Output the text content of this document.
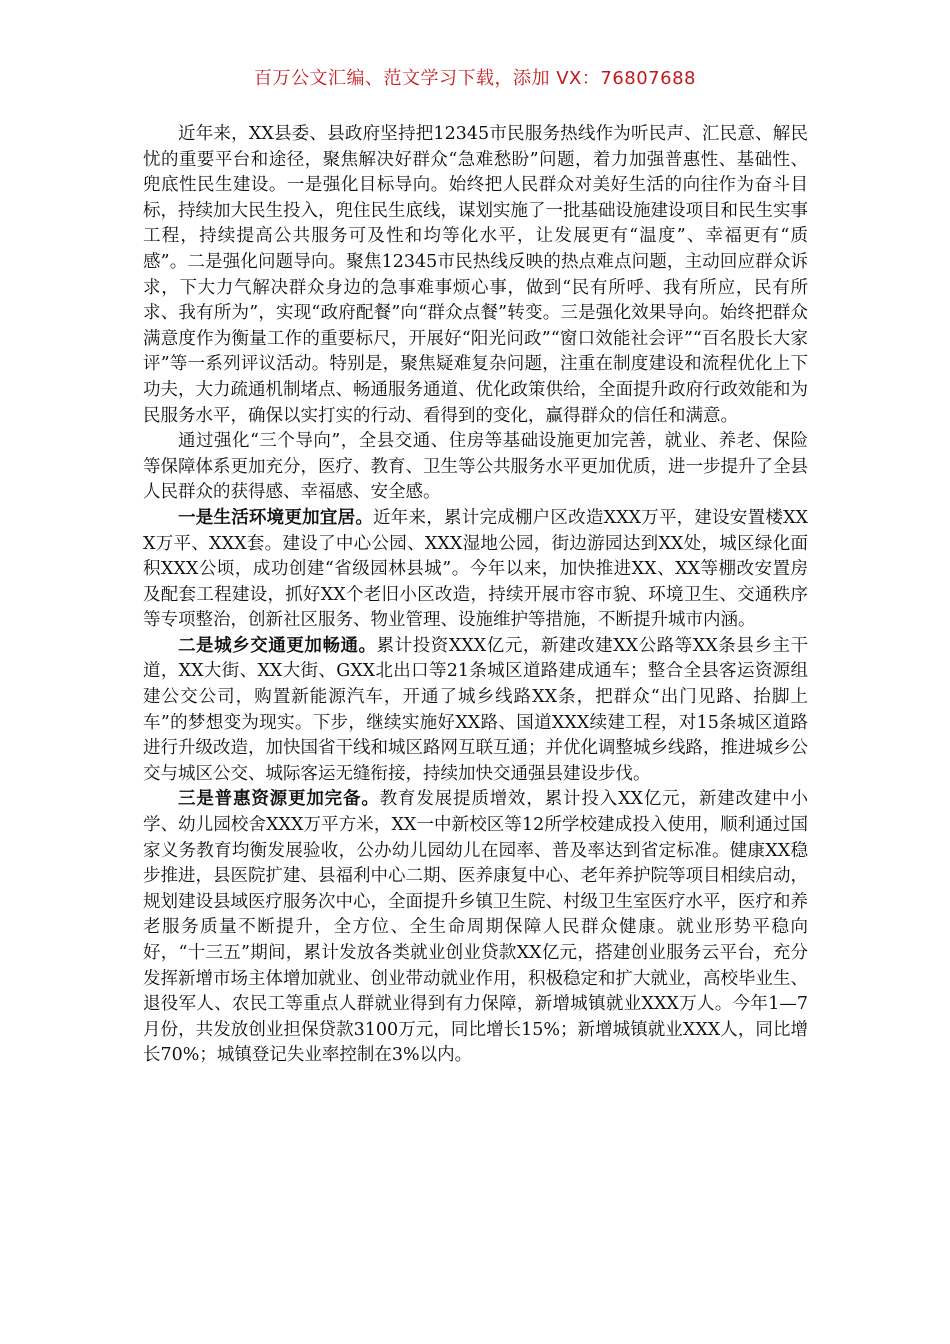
百万公文汇编、范文学习下载，添加 VX：76807688

近年来，XX县委、县政府坚持把12345市民服务热线作为听民声、汇民意、解民忧的重要平台和途径，聚焦解决好群众“急难愁盼”问题，着力加强普惠性、基础性、兜底性民生建设。一是强化目标导向。始终把人民群众对美好生活的向往作为奋斗目标，持续加大民生投入，兜住民生底线，谋划实施了一批基础设施建设项目和民生实事工程，持续提高公共服务可及性和均等化水平，让发展更有“温度”、幸福更有“质感”。二是强化问题导向。聚焦12345市民热线反映的热点难点问题，主动回应群众诉求，下大力气解决群众身边的急事难事烦心事，做到“民有所呼、我有所应，民有所求、我有所为”，实现“政府配餐”向“群众点餐”转变。三是强化效果导向。始终把群众满意度作为衡量工作的重要标尺，开展好“阳光问政”“窗口效能社会评”“百名股长大家评”等一系列评议活动。特别是，聚焦疑难复杂问题，注重在制度建设和流程优化上下功夫，大力疏通机制堵点、畅通服务通道、优化政策供给，全面提升政府行政效能和为民服务水平，确保以实打实的行动、看得到的变化，赢得群众的信任和满意。

通过强化“三个导向”，全县交通、住房等基础设施更加完善，就业、养老、保险等保障体系更加充分，医疗、教育、卫生等公共服务水平更加优质，进一步提升了全县人民群众的获得感、幸福感、安全感。

一是生活环境更加宜居。近年来，累计完成棚户区改造XXX万平，建设安置楼XXX万平、XXX套。建设了中心公园、XXX湿地公园，街边游园达到XX处，城区绿化面积XXX公顷，成功创建“省级园林县城”。今年以来，加快推进XX、XX等棚改安置房及配套工程建设，抓好XX个老旧小区改造，持续开展市容市貌、环境卫生、交通秩序等专项整治，创新社区服务、物业管理、设施维护等措施，不断提升城市内涵。

二是城乡交通更加畅通。累计投资XXX亿元，新建改建XX公路等XX条县乡主干道，XX大街、XX大街、GXX北出口等21条城区道路建成通车；整合全县客运资源组建公交公司，购置新能源汽车，开通了城乡线路XX条，把群众“出门见路、抬脚上车”的梦想变为现实。下步，继续实施好XX路、国道XXX续建工程，对15条城区道路进行升级改造，加快国省干线和城区路网互联互通；并优化调整城乡线路，推进城乡公交与城区公交、城际客运无缝衔接，持续加快交通强县建设步伐。

三是普惠资源更加完备。教育发展提质增效，累计投入XX亿元，新建改建中小学、幼儿园校舍XXX万平方米，XX一中新校区等12所学校建成投入使用，顺利通过国家义务教育均衡发展验收，公办幼儿园幼儿在园率、普及率达到省定标准。健康XX稳步推进，县医院扩建、县福利中心二期、医养康复中心、老年养护院等项目相续启动，规划建设县域医疗服务次中心，全面提升乡镇卫生院、村级卫生室医疗水平，医疗和养老服务质量不断提升，全方位、全生命周期保障人民群众健康。就业形势平稳向好，“十三五”期间，累计发放各类就业创业贷款XX亿元，搭建创业服务云平台，充分发挥新增市场主体增加就业、创业带动就业作用，积极稳定和扩大就业，高校毕业生、退役军人、农民工等重点人群就业得到有力保障，新增城镇就业XXX万人。今年1—7月份，共发放创业担保贷款3100万元，同比增长15%；新增城镇就业XXX人，同比增长70%；城镇登记失业率控制在3%以内。
